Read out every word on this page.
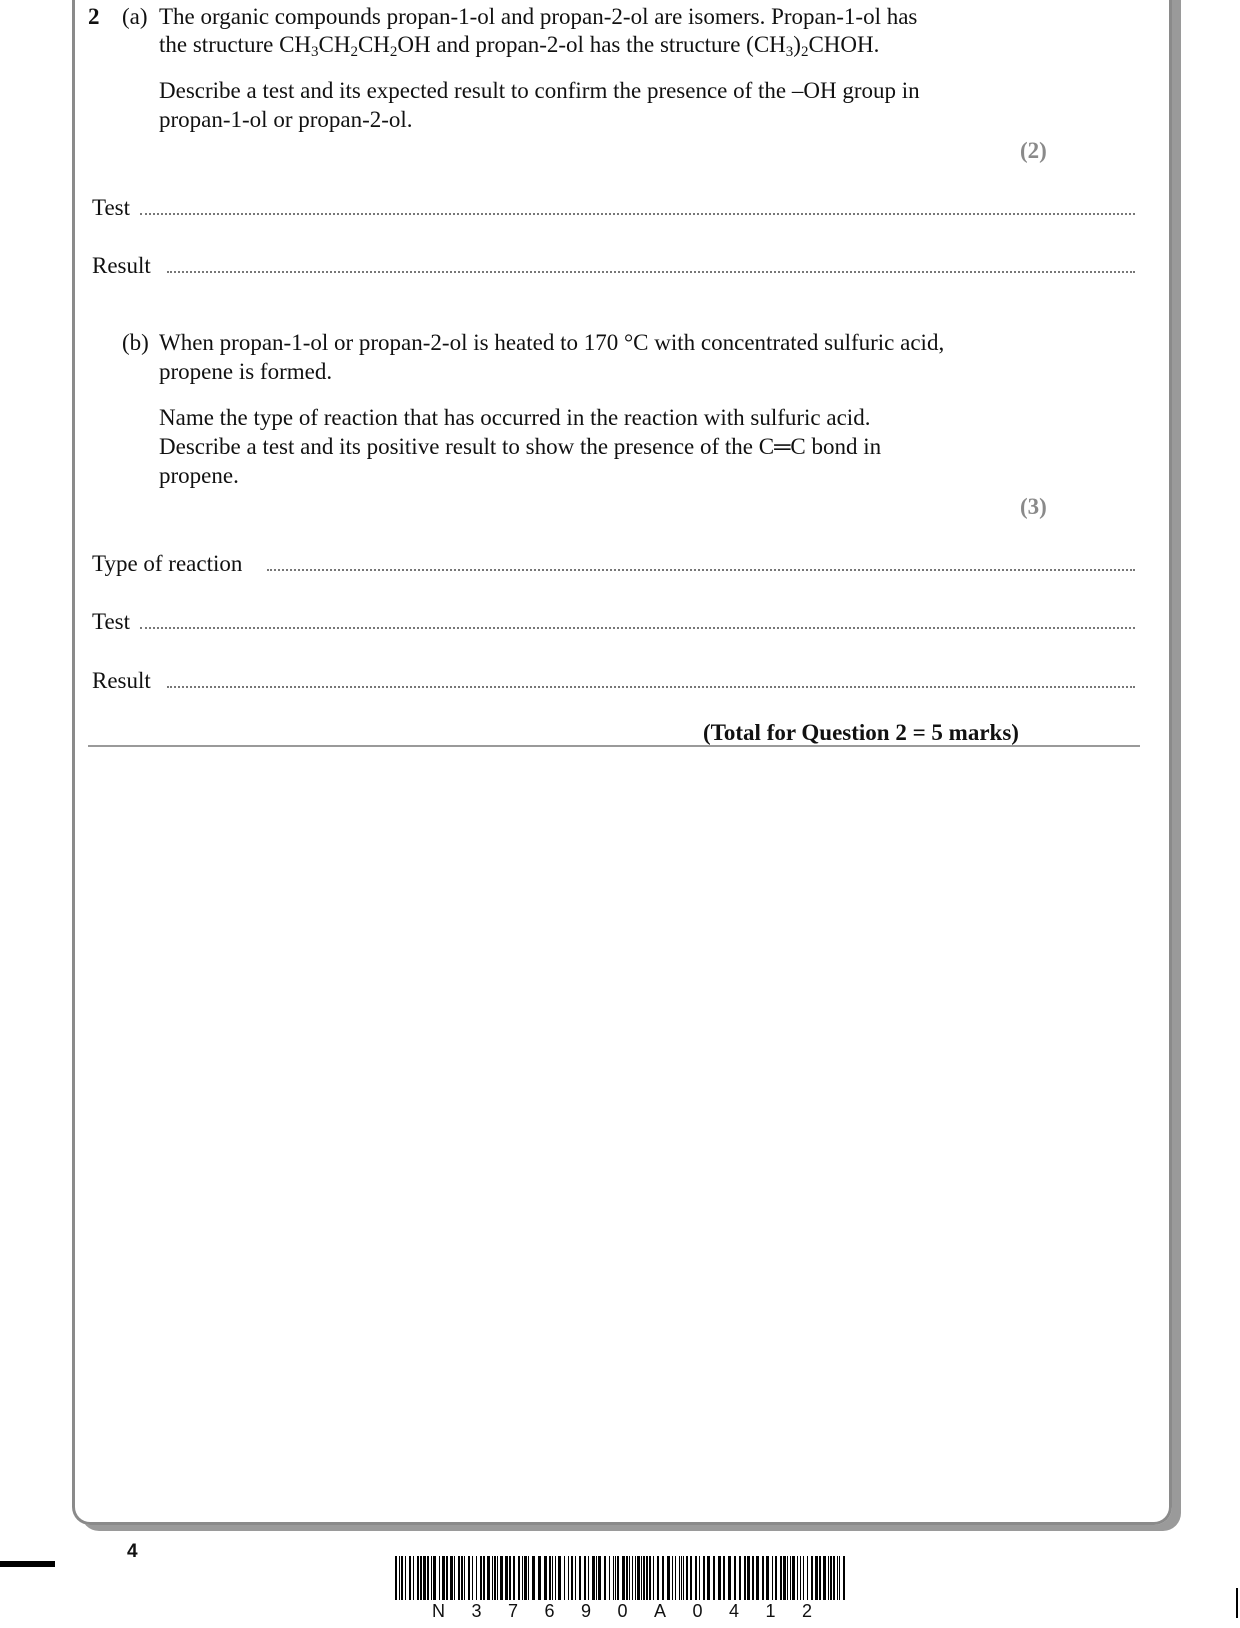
2 (a) The organic compounds propan-1-ol and propan-2-ol are isomers. Propan-1-ol has
the structure $CH_3CH_2CH_2OH$ and propan-2-ol has the structure $(CH_3)_2CHOH$.
Describe a test and its expected result to confirm the presence of the –OH group in
propan-1-ol or propan-2-ol.
(2)
Test
Result
(b) When propan-1-ol or propan-2-ol is heated to 170 °C with concentrated sulfuric acid,
propene is formed.
Name the type of reaction that has occurred in the reaction with sulfuric acid.
Describe a test and its positive result to show the presence of the C═C bond in
propene.
(3)
Type of reaction
Test
Result
(Total for Question 2 = 5 marks)
4
N 3 7 6 9 0 A 0 4 1 2
